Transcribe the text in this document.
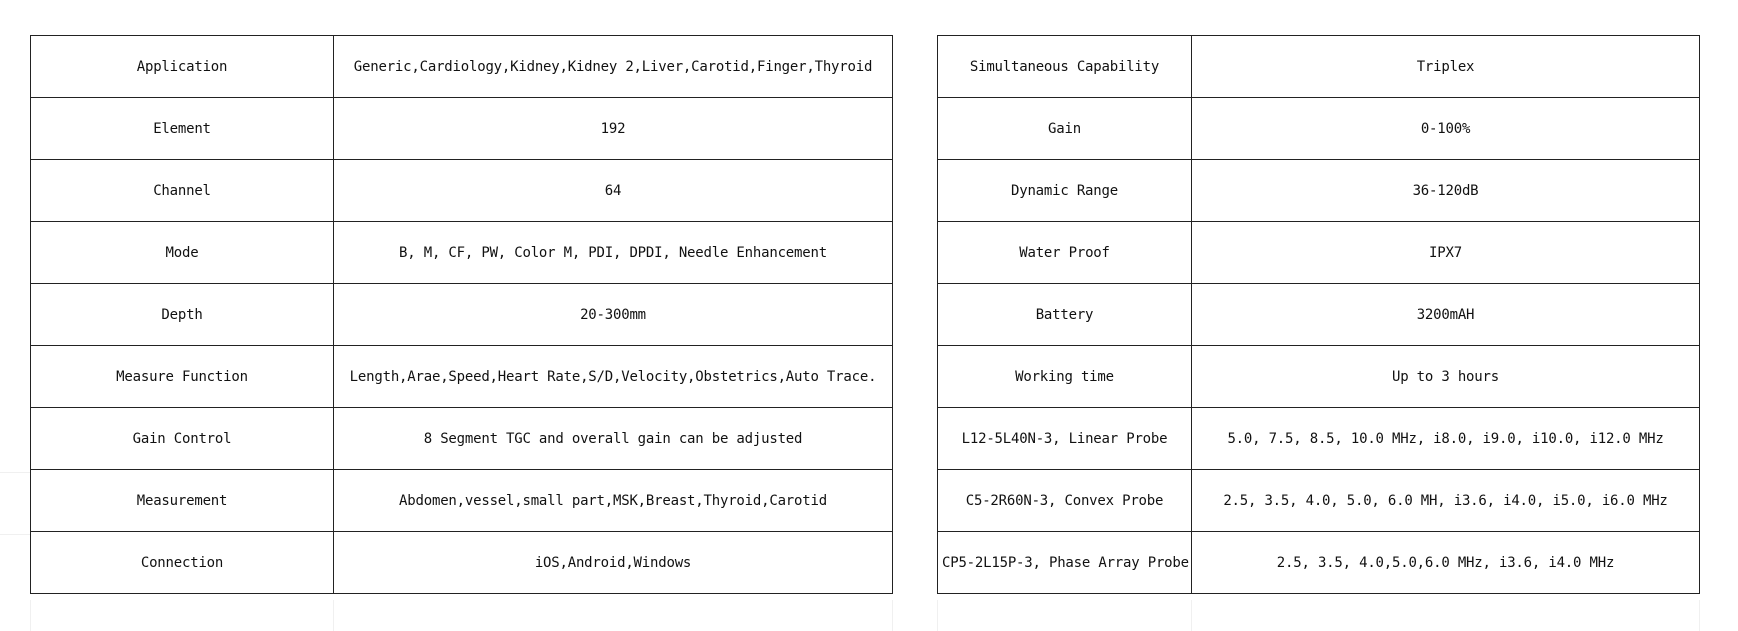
Application	Generic,Cardiology,Kidney,Kidney 2,Liver,Carotid,Finger,Thyroid
Element	192
Channel	64
Mode	B, M, CF, PW, Color M, PDI, DPDI, Needle Enhancement
Depth	20-300mm
Measure Function	Length,Arae,Speed,Heart Rate,S/D,Velocity,Obstetrics,Auto Trace.
Gain Control	8 Segment TGC and overall gain can be adjusted
Measurement	Abdomen,vessel,small part,MSK,Breast,Thyroid,Carotid
Connection	iOS,Android,Windows
Simultaneous Capability	Triplex
Gain	0-100%
Dynamic Range	36-120dB
Water Proof	IPX7
Battery	3200mAH
Working time	Up to 3 hours
L12-5L40N-3, Linear Probe	5.0, 7.5, 8.5, 10.0 MHz, i8.0, i9.0, i10.0, i12.0 MHz
C5-2R60N-3, Convex Probe	2.5, 3.5, 4.0, 5.0, 6.0 MH, i3.6, i4.0, i5.0, i6.0 MHz
CP5-2L15P-3, Phase Array Probe	2.5, 3.5, 4.0,5.0,6.0 MHz, i3.6, i4.0 MHz
